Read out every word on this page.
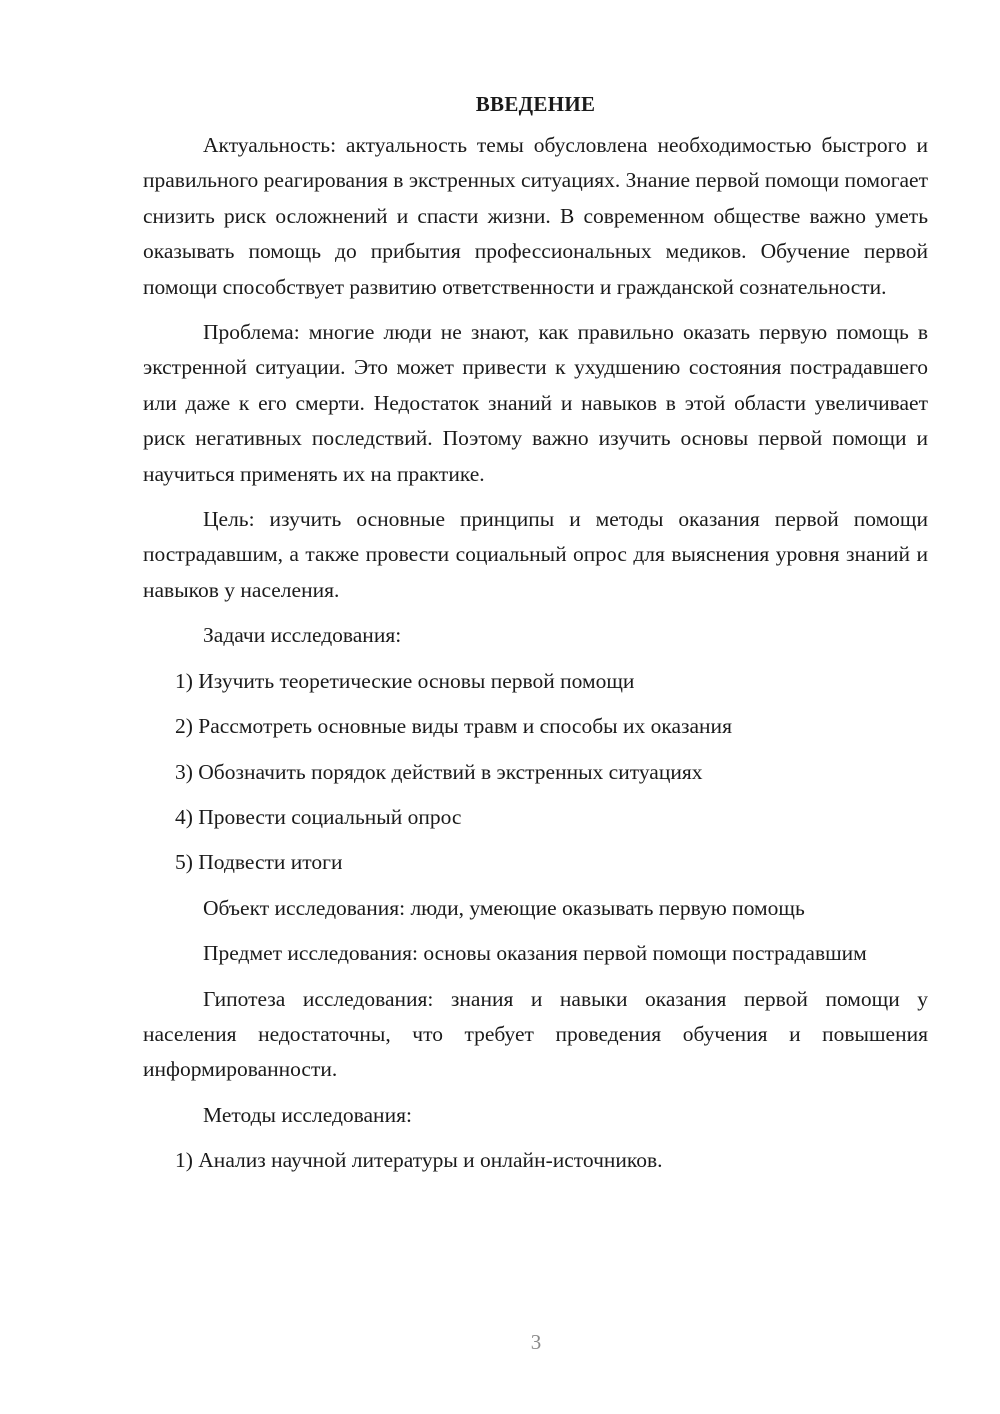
ВВЕДЕНИЕ
Актуальность: актуальность темы обусловлена необходимостью быстрого и правильного реагирования в экстренных ситуациях. Знание первой помощи помогает снизить риск осложнений и спасти жизни. В современном обществе важно уметь оказывать помощь до прибытия профессиональных медиков. Обучение первой помощи способствует развитию ответственности и гражданской сознательности.
Проблема: многие люди не знают, как правильно оказать первую помощь в экстренной ситуации. Это может привести к ухудшению состояния пострадавшего или даже к его смерти. Недостаток знаний и навыков в этой области увеличивает риск негативных последствий. Поэтому важно изучить основы первой помощи и научиться применять их на практике.
Цель: изучить основные принципы и методы оказания первой помощи пострадавшим, а также провести социальный опрос для выяснения уровня знаний и навыков у населения.
Задачи исследования:
1) Изучить теоретические основы первой помощи
2) Рассмотреть основные виды травм и способы их оказания
3) Обозначить порядок действий в экстренных ситуациях
4) Провести социальный опрос
5) Подвести итоги
Объект исследования: люди, умеющие оказывать первую помощь
Предмет исследования: основы оказания первой помощи пострадавшим
Гипотеза исследования: знания и навыки оказания первой помощи у населения недостаточны, что требует проведения обучения и повышения информированности.
Методы исследования:
1) Анализ научной литературы и онлайн-источников.
3
